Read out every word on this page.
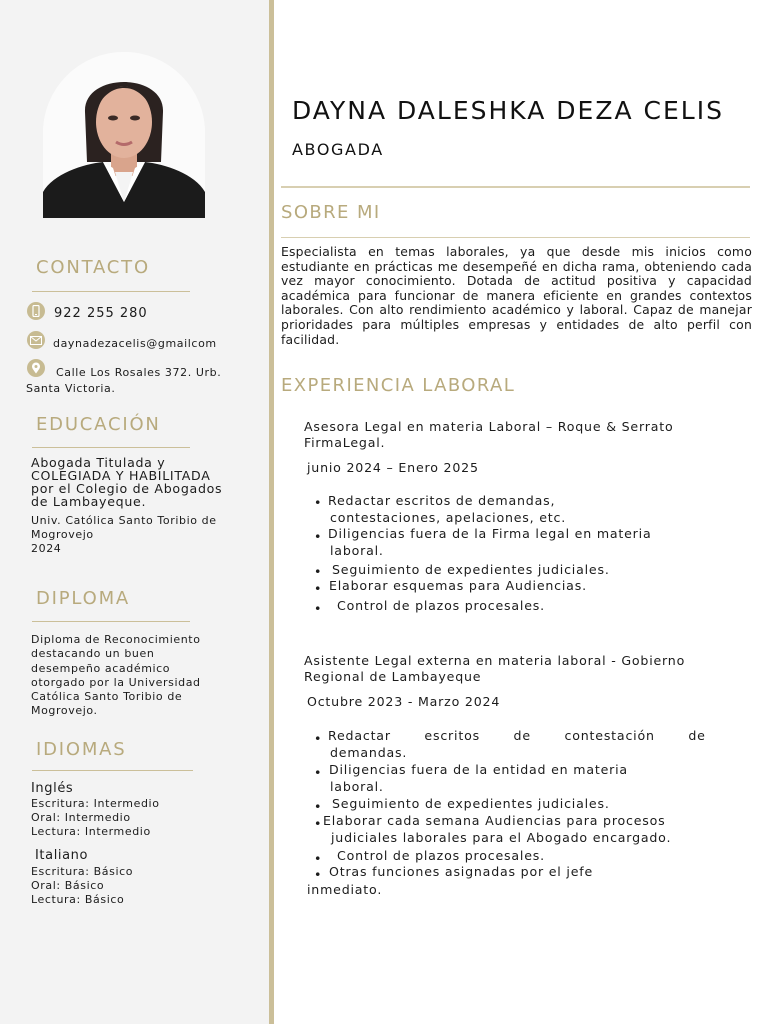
CONTACTO
922 255 280
daynadezacelis@gmailcom
Calle Los Rosales 372. Urb.
Santa Victoria.
EDUCACIÓN
Abogada Titulada y
COLEGIADA Y HABILITADA
por el Colegio de Abogados
de Lambayeque.
Univ. Católica Santo Toribio de
Mogrovejo
2024
DIPLOMA
Diploma de Reconocimiento
destacando un buen
desempeño académico
otorgado por la Universidad
Católica Santo Toribio de
Mogrovejo.
IDIOMAS
Inglés
Escritura: Intermedio
Oral: Intermedio
Lectura: Intermedio
Italiano
Escritura: Básico
Oral: Básico
Lectura: Básico
DAYNA DALESHKA DEZA CELIS
ABOGADA
SOBRE MI
Especialista en temas laborales, ya que desde mis inicios como estudiante en prácticas me desempeñé en dicha rama, obteniendo cada vez mayor conocimiento. Dotada de actitud positiva y capacidad académica para funcionar de manera eficiente en grandes contextos laborales. Con alto rendimiento académico y laboral. Capaz de manejar prioridades para múltiples empresas y entidades de alto perfil con facilidad.
EXPERIENCIA LABORAL
Asesora Legal en materia Laboral – Roque & Serrato
FirmaLegal.
junio 2024 – Enero 2025
• Redactar escritos de demandas,
contestaciones, apelaciones, etc.
• Diligencias fuera de la Firma legal en materia
laboral.
• Seguimiento de expedientes judiciales.
• Elaborar esquemas para Audiencias.
• Control de plazos procesales.
Asistente Legal externa en materia laboral - Gobierno
Regional de Lambayeque
Octubre 2023 - Marzo 2024
• Redactar       escritos       de       contestación       de
demandas.
• Diligencias fuera de la entidad en materia
laboral.
• Seguimiento de expedientes judiciales.
• Elaborar cada semana Audiencias para procesos
judiciales laborales para el Abogado encargado.
• Control de plazos procesales.
• Otras funciones asignadas por el jefe
inmediato.
